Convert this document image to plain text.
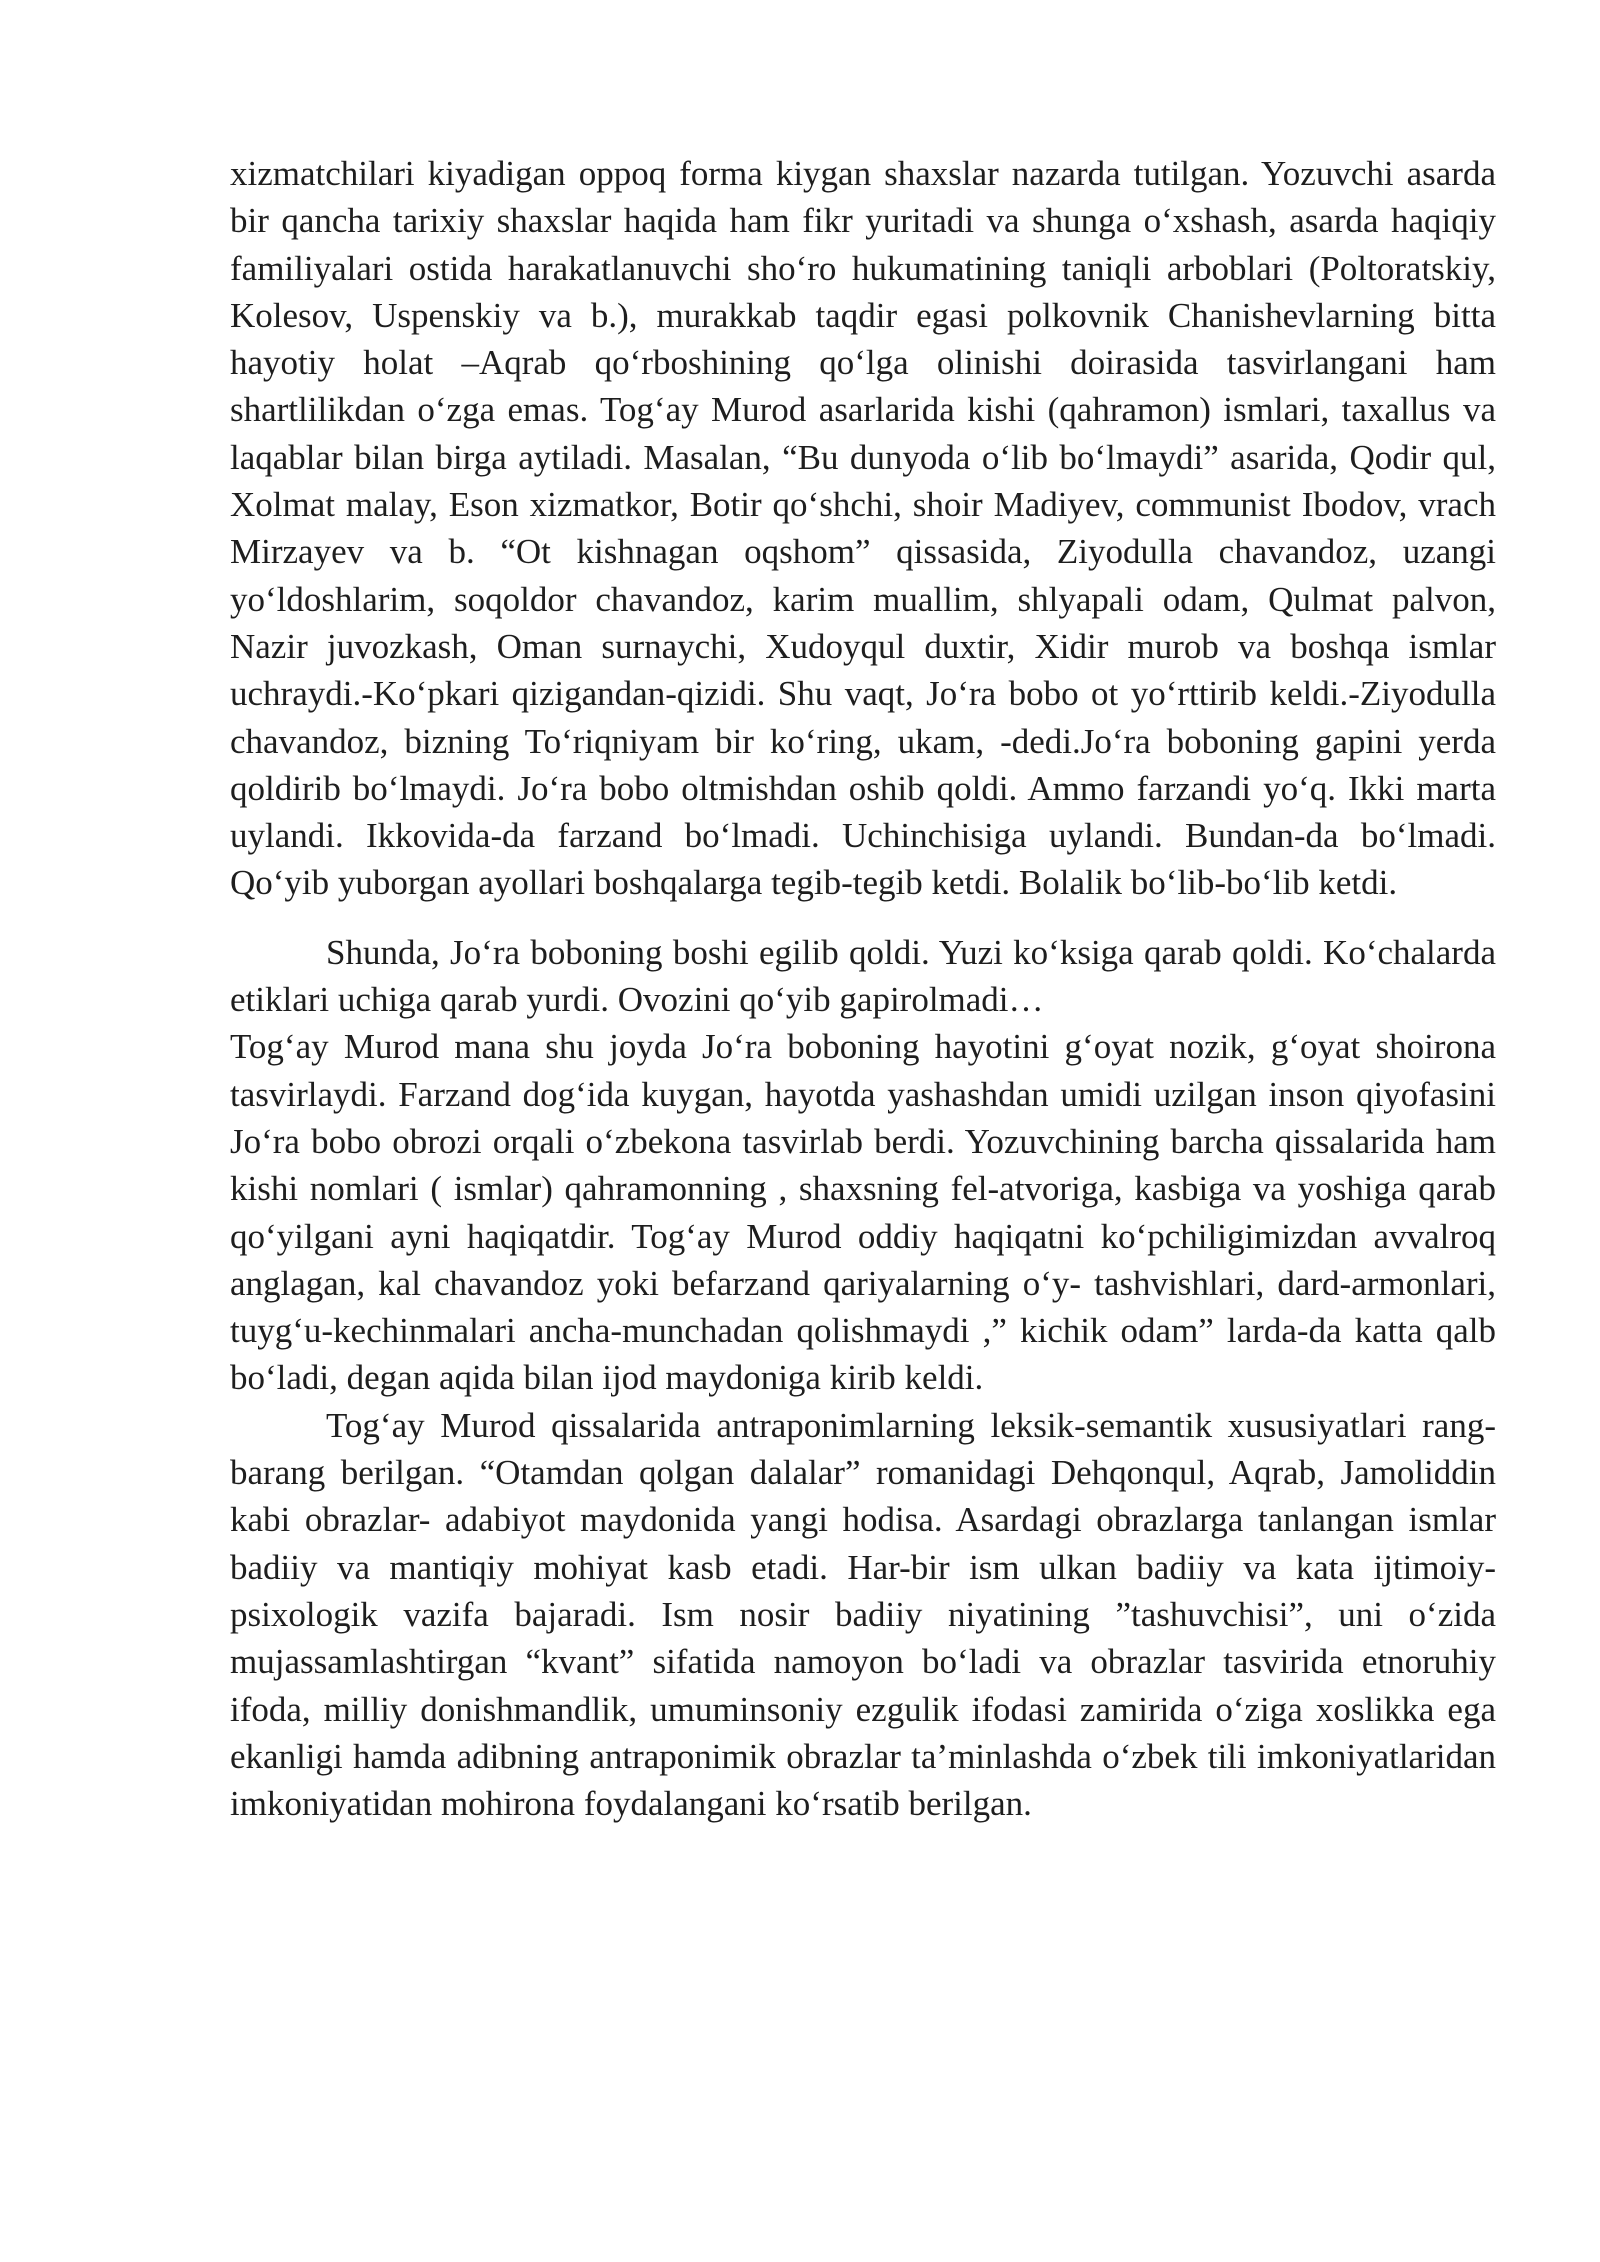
xizmatchilari kiyadigan oppoq forma kiygan shaxslar nazarda tutilgan. Yozuvchi asarda bir qancha tarixiy shaxslar haqida ham fikr yuritadi va shunga o‘xshash, asarda haqiqiy familiyalari ostida harakatlanuvchi sho‘ro hukumatining taniqli arboblari (Poltoratskiy, Kolesov, Uspenskiy va b.), murakkab taqdir egasi polkovnik Chanishevlarning bitta hayotiy holat –Aqrab qo‘rboshining qo‘lga olinishi doirasida tasvirlangani ham shartlilikdan o‘zga emas. Tog‘ay Murod asarlarida kishi (qahramon) ismlari, taxallus va laqablar bilan birga aytiladi. Masalan, “Bu dunyoda o‘lib bo‘lmaydi” asarida, Qodir qul, Xolmat malay, Eson xizmatkor, Botir qo‘shchi, shoir Madiyev, communist Ibodov, vrach Mirzayev va b. “Ot kishnagan oqshom” qissasida, Ziyodulla chavandoz, uzangi yo‘ldoshlarim, soqoldor chavandoz, karim muallim, shlyapali odam, Qulmat palvon, Nazir juvozkash, Oman surnaychi, Xudoyqul duxtir, Xidir murob va boshqa ismlar uchraydi.-Ko‘pkari qizigandan-qizidi. Shu vaqt, Jo‘ra bobo ot yo‘rttirib keldi.-Ziyodulla chavandoz, bizning To‘riqniyam bir ko‘ring, ukam, -dedi.Jo‘ra boboning gapini yerda qoldirib bo‘lmaydi. Jo‘ra bobo oltmishdan oshib qoldi. Ammo farzandi yo‘q. Ikki marta uylandi. Ikkovida-da farzand bo‘lmadi. Uchinchisiga uylandi. Bundan-da bo‘lmadi. Qo‘yib yuborgan ayollari boshqalarga tegib-tegib ketdi. Bolalik bo‘lib-bo‘lib ketdi.

Shunda, Jo‘ra boboning boshi egilib qoldi. Yuzi ko‘ksiga qarab qoldi. Ko‘chalarda etiklari uchiga qarab yurdi. Ovozini qo‘yib gapirolmadi…

Tog‘ay Murod mana shu joyda Jo‘ra boboning hayotini g‘oyat nozik, g‘oyat shoirona tasvirlaydi. Farzand dog‘ida kuygan, hayotda yashashdan umidi uzilgan inson qiyofasini Jo‘ra bobo obrozi orqali o‘zbekona tasvirlab berdi. Yozuvchining barcha qissalarida ham kishi nomlari ( ismlar) qahramonning , shaxsning fel-atvoriga, kasbiga va yoshiga qarab qo‘yilgani ayni haqiqatdir. Tog‘ay Murod oddiy haqiqatni ko‘pchiligimizdan avvalroq anglagan, kal chavandoz yoki befarzand qariyalarning o‘y- tashvishlari, dard-armonlari, tuyg‘u-kechinmalari ancha-munchadan qolishmaydi ,” kichik odam” larda-da katta qalb bo‘ladi, degan aqida bilan ijod maydoniga kirib keldi.

Tog‘ay Murod qissalarida antraponimlarning leksik-semantik xususiyatlari rang-barang berilgan. “Otamdan qolgan dalalar” romanidagi Dehqonqul, Aqrab, Jamoliddin kabi obrazlar- adabiyot maydonida yangi hodisa. Asardagi obrazlarga tanlangan ismlar badiiy va mantiqiy mohiyat kasb etadi. Har-bir ism ulkan badiiy va kata ijtimoiy-psixologik vazifa bajaradi. Ism nosir badiiy niyatining ”tashuvchisi”, uni o‘zida mujassamlashtirgan “kvant” sifatida namoyon bo‘ladi va obrazlar tasvirida etnoruhiy ifoda, milliy donishmandlik, umuminsoniy ezgulik ifodasi zamirida o‘ziga xoslikka ega ekanligi hamda adibning antraponimik obrazlar ta’minlashda o‘zbek tili imkoniyatlaridan imkoniyatidan mohirona foydalangani ko‘rsatib berilgan.
